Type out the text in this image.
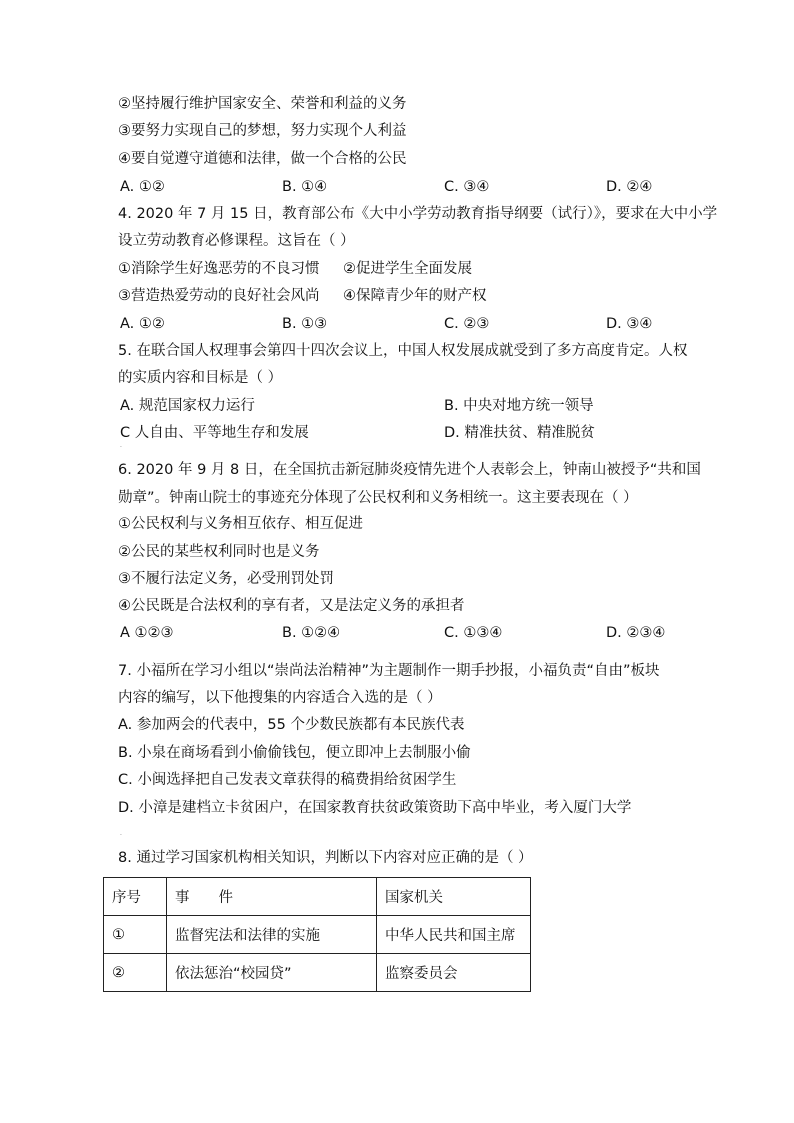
②坚持履行维护国家安全、荣誉和利益的义务
③要努力实现自己的梦想，努力实现个人利益
④要自觉遵守道德和法律，做一个合格的公民
A. ①②	B. ①④	C. ③④	D. ②④
4. 2020 年 7 月 15 日，教育部公布《大中小学劳动教育指导纲要（试行）》，要求在大中小学
设立劳动教育必修课程。这旨在（ ）
①消除学生好逸恶劳的不良习惯 ②促进学生全面发展
③营造热爱劳动的良好社会风尚 ④保障青少年的财产权
A. ①②	B. ①③	C. ②③	D. ③④
5. 在联合国人权理事会第四十四次会议上，中国人权发展成就受到了多方高度肯定。人权
的实质内容和目标是（ ）
A. 规范国家权力运行	B. 中央对地方统一领导
C 人自由、平等地生存和发展	D. 精准扶贫、精准脱贫
·
6. 2020 年 9 月 8 日，在全国抗击新冠肺炎疫情先进个人表彰会上，钟南山被授予“共和国
勋章”。钟南山院士的事迹充分体现了公民权利和义务相统一。这主要表现在（ ）
①公民权利与义务相互依存、相互促进
②公民的某些权利同时也是义务
③不履行法定义务，必受刑罚处罚
④公民既是合法权利的享有者，又是法定义务的承担者
A ①②③	B. ①②④	C. ①③④	D. ②③④
7. 小福所在学习小组以“崇尚法治精神”为主题制作一期手抄报，小福负责“自由”板块
内容的编写，以下他搜集的内容适合入选的是（ ）
A. 参加两会的代表中，55 个少数民族都有本民族代表
B. 小泉在商场看到小偷偷钱包，便立即冲上去制服小偷
C. 小闽选择把自己发表文章获得的稿费捐给贫困学生
D. 小漳是建档立卡贫困户，在国家教育扶贫政策资助下高中毕业，考入厦门大学
·
8. 通过学习国家机构相关知识，判断以下内容对应正确的是（ ）
序号	事　　件	国家机关
①	监督宪法和法律的实施	中华人民共和国主席
②	依法惩治“校园贷”	监察委员会
